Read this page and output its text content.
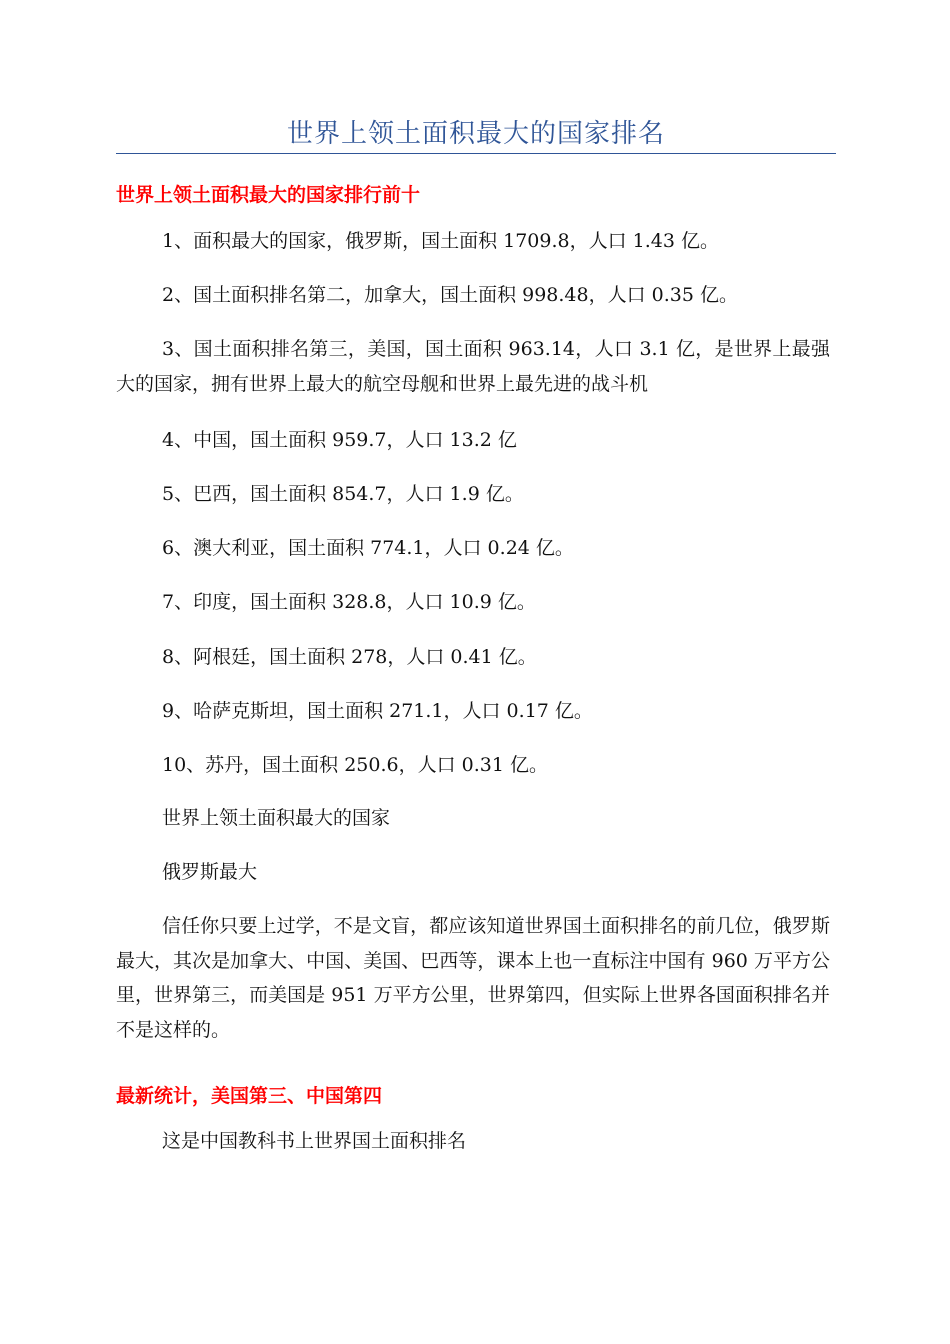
世界上领土面积最大的国家排名
世界上领土面积最大的国家排行前十
1、面积最大的国家，俄罗斯，国土面积 1709.8，人口 1.43 亿。
2、国土面积排名第二，加拿大，国土面积 998.48，人口 0.35 亿。
3、国土面积排名第三，美国，国土面积 963.14，人口 3.1 亿，是世界上最强大的国家，拥有世界上最大的航空母舰和世界上最先进的战斗机
4、中国，国土面积 959.7，人口 13.2 亿
5、巴西，国土面积 854.7，人口 1.9 亿。
6、澳大利亚，国土面积 774.1，人口 0.24 亿。
7、印度，国土面积 328.8，人口 10.9 亿。
8、阿根廷，国土面积 278，人口 0.41 亿。
9、哈萨克斯坦，国土面积 271.1，人口 0.17 亿。
10、苏丹，国土面积 250.6，人口 0.31 亿。
世界上领土面积最大的国家
俄罗斯最大
信任你只要上过学，不是文盲，都应该知道世界国土面积排名的前几位，俄罗斯最大，其次是加拿大、中国、美国、巴西等，课本上也一直标注中国有 960 万平方公里，世界第三，而美国是 951 万平方公里，世界第四，但实际上世界各国面积排名并不是这样的。
最新统计，美国第三、中国第四
这是中国教科书上世界国土面积排名
